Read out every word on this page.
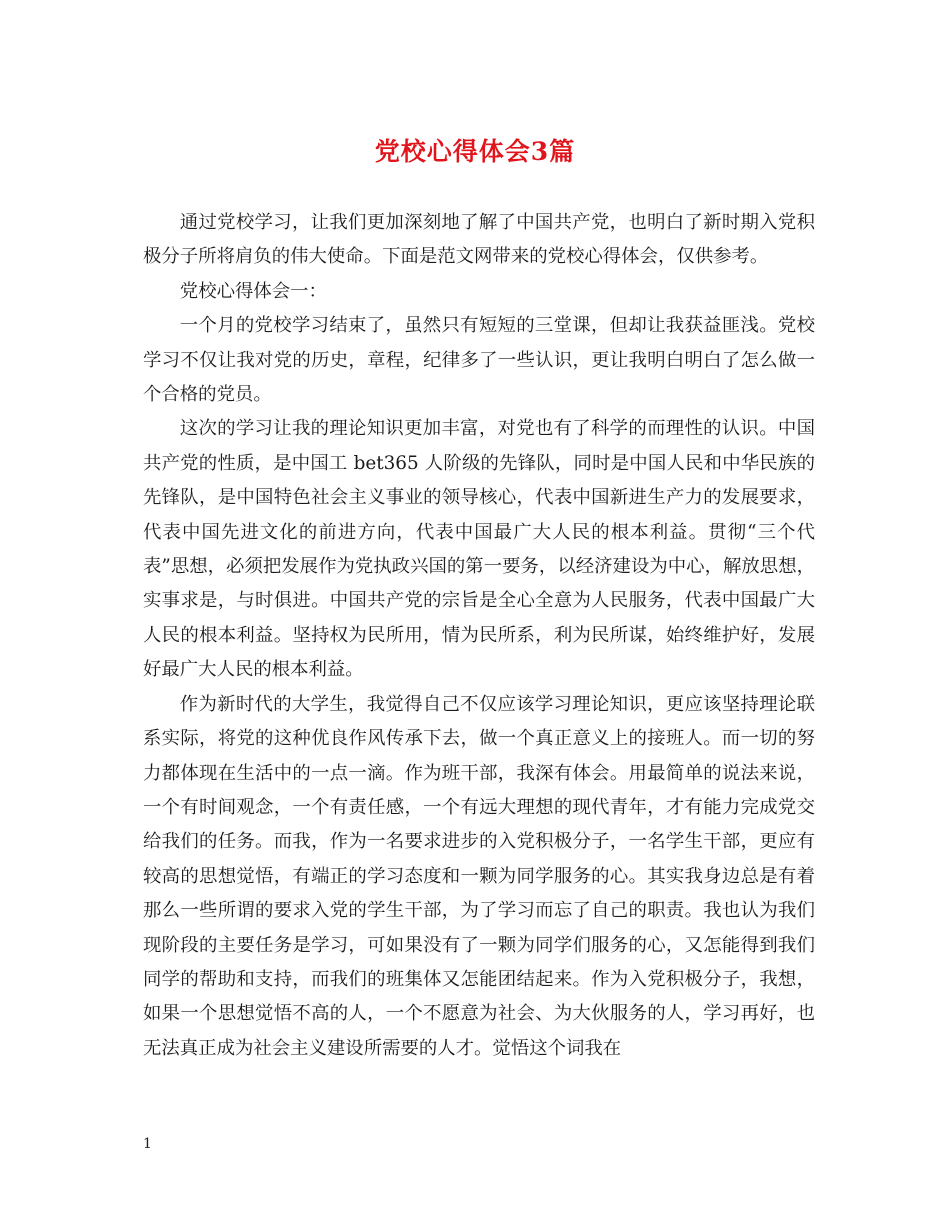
党校心得体会3篇

通过党校学习，让我们更加深刻地了解了中国共产党，也明白了新时期入党积极分子所将肩负的伟大使命。下面是范文网带来的党校心得体会，仅供参考。

党校心得体会一：

一个月的党校学习结束了，虽然只有短短的三堂课，但却让我获益匪浅。党校学习不仅让我对党的历史，章程，纪律多了一些认识，更让我明白明白了怎么做一个合格的党员。

这次的学习让我的理论知识更加丰富，对党也有了科学的而理性的认识。中国共产党的性质，是中国工 bet365 人阶级的先锋队，同时是中国人民和中华民族的先锋队，是中国特色社会主义事业的领导核心，代表中国新进生产力的发展要求，代表中国先进文化的前进方向，代表中国最广大人民的根本利益。贯彻“三个代表”思想，必须把发展作为党执政兴国的第一要务，以经济建设为中心，解放思想，实事求是，与时俱进。中国共产党的宗旨是全心全意为人民服务，代表中国最广大人民的根本利益。坚持权为民所用，情为民所系，利为民所谋，始终维护好，发展好最广大人民的根本利益。

作为新时代的大学生，我觉得自己不仅应该学习理论知识，更应该坚持理论联系实际，将党的这种优良作风传承下去，做一个真正意义上的接班人。而一切的努力都体现在生活中的一点一滴。作为班干部，我深有体会。用最简单的说法来说，一个有时间观念，一个有责任感，一个有远大理想的现代青年，才有能力完成党交给我们的任务。而我，作为一名要求进步的入党积极分子，一名学生干部，更应有较高的思想觉悟，有端正的学习态度和一颗为同学服务的心。其实我身边总是有着那么一些所谓的要求入党的学生干部，为了学习而忘了自己的职责。我也认为我们现阶段的主要任务是学习，可如果没有了一颗为同学们服务的心，又怎能得到我们同学的帮助和支持，而我们的班集体又怎能团结起来。作为入党积极分子，我想，如果一个思想觉悟不高的人，一个不愿意为社会、为大伙服务的人，学习再好，也无法真正成为社会主义建设所需要的人才。觉悟这个词我在

1
